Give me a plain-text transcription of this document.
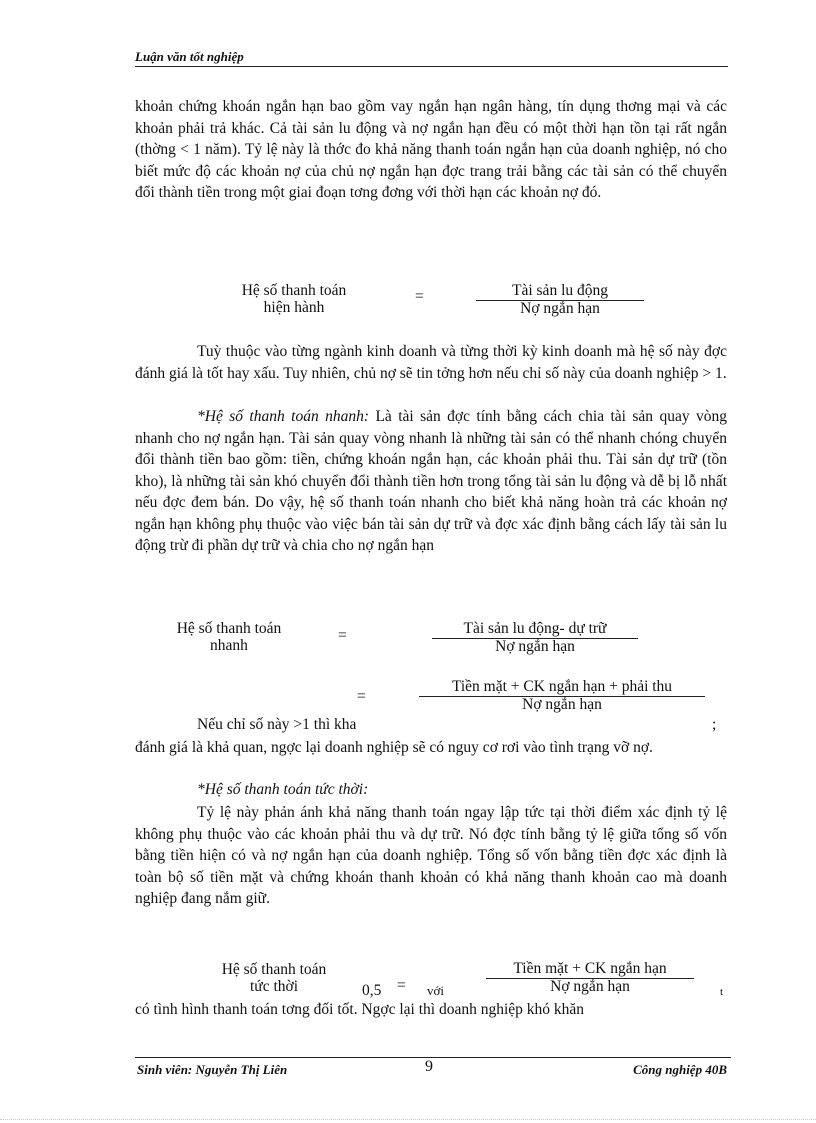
Luận văn tốt nghiệp

khoản chứng khoán ngắn hạn bao gồm vay ngắn hạn ngân hàng, tín dụng thơng mại và các khoản phải trả khác. Cả tài sản lu động và nợ ngắn hạn đều có một thời hạn tồn tại rất ngắn (thờng < 1 năm). Tỷ lệ này là thớc đo khả năng thanh toán ngắn hạn của doanh nghiệp, nó cho biết mức độ các khoản nợ của chủ nợ ngắn hạn đợc trang trải bằng các tài sản có thể chuyển đổi thành tiền trong một giai đoạn tơng đơng với thời hạn các khoản nợ đó.

Hệ số thanh toán
hiện hành
=	Tài sản lu động
Nợ ngắn hạn

Tuỳ thuộc vào từng ngành kinh doanh và từng thời kỳ kinh doanh mà hệ số này đợc đánh giá là tốt hay xấu. Tuy nhiên, chủ nợ sẽ tin tởng hơn nếu chỉ số này của doanh nghiệp > 1.

*Hệ số thanh toán nhanh: Là tài sản đợc tính bằng cách chia tài sản quay vòng nhanh cho nợ ngắn hạn. Tài sản quay vòng nhanh là những tài sản có thể nhanh chóng chuyển đổi thành tiền bao gồm: tiền, chứng khoán ngắn hạn, các khoản phải thu. Tài sản dự trữ (tồn kho), là những tài sản khó chuyển đổi thành tiền hơn trong tổng tài sản lu động và dễ bị lỗ nhất nếu đợc đem bán. Do vậy, hệ số thanh toán nhanh cho biết khả năng hoàn trả các khoản nợ ngắn hạn không phụ thuộc vào việc bán tài sản dự trữ và đợc xác định bằng cách lấy tài sản lu động trừ đi phần dự trữ và chia cho nợ ngắn hạn

Hệ số thanh toán
nhanh
=	Tài sản lu động- dự trữ
Nợ ngắn hạn
=
Tiền mặt + CK ngắn hạn + phải thu
Nợ ngắn hạn
Nếu chỉ số này >1 thì kha	;

đánh giá là khả quan, ngợc lại doanh nghiệp sẽ có nguy cơ rơi vào tình trạng vỡ nợ.

*Hệ số thanh toán tức thời:

Tỷ lệ này phản ánh khả năng thanh toán ngay lập tức tại thời điểm xác định tỷ lệ không phụ thuộc vào các khoản phải thu và dự trữ. Nó đợc tính bằng tỷ lệ giữa tổng số vốn bằng tiền hiện có và nợ ngắn hạn của doanh nghiệp. Tổng số vốn bằng tiền đợc xác định là toàn bộ số tiền mặt và chứng khoán thanh khoản có khả năng thanh khoản cao mà doanh nghiệp đang nắm giữ.

Hệ số thanh toán
tức thời	0,5 = với
Tiền mặt + CK ngắn hạn
Nợ ngắn hạn	t

có tình hình thanh toán tơng đối tốt. Ngợc lại thì doanh nghiệp khó khăn

Sinh viên: Nguyễn Thị Liên	9	Công nghiệp 40B
